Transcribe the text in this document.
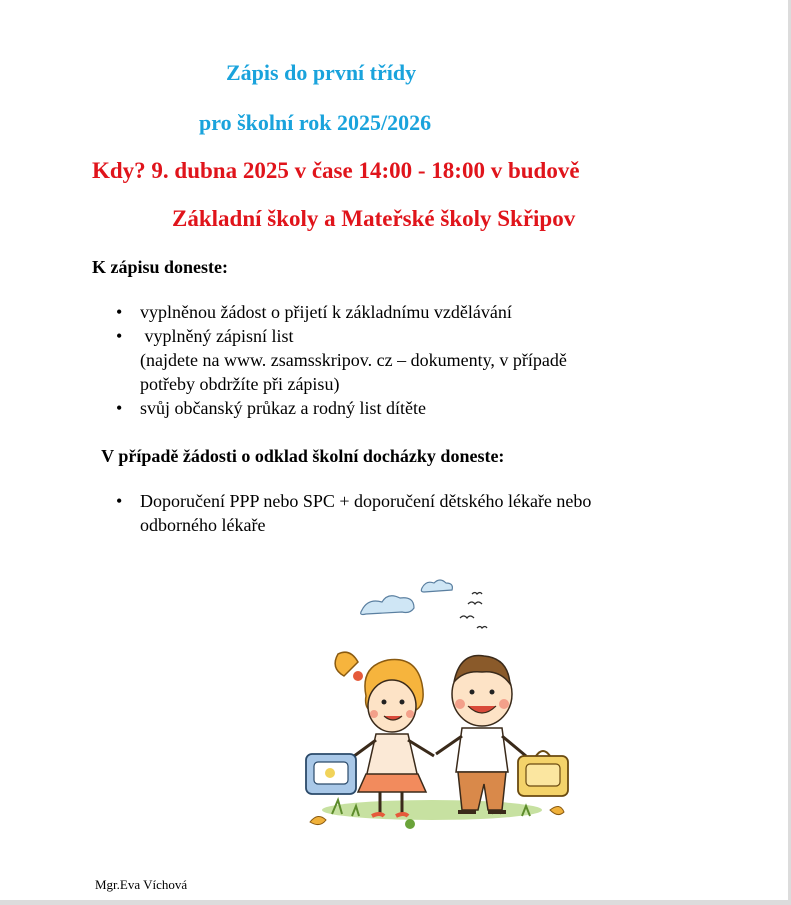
Zápis do první třídy

pro školní rok 2025/2026

Kdy? 9. dubna 2025 v čase 14:00 - 18:00 v budově

Základní školy a Mateřské školy Skřipov

K zápisu doneste:

• vyplněnou žádost o přijetí k základnímu vzdělávání
• vyplněný zápisní list
(najdete na www. zsamsskripov. cz – dokumenty, v případě
potřeby obdržíte při zápisu)
• svůj občanský průkaz a rodný list dítěte

V případě žádosti o odklad školní docházky doneste:

• Doporučení PPP nebo SPC + doporučení dětského lékaře nebo
odborného lékaře

Mgr.Eva Víchová
